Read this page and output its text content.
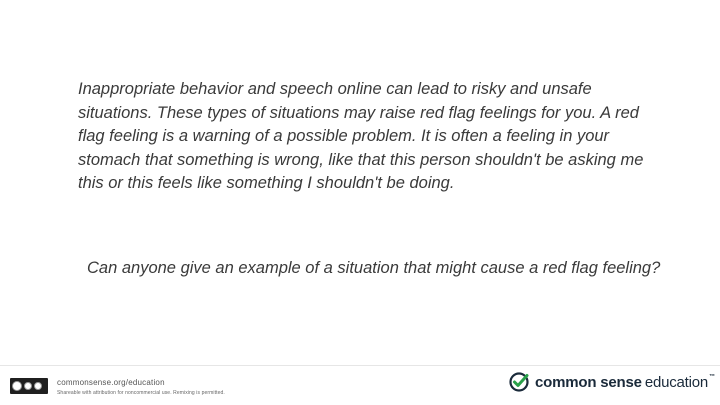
Inappropriate behavior and speech online can lead to risky and unsafe situations. These types of situations may raise red flag feelings for you. A red flag feeling is a warning of a possible problem. It is often a feeling in your stomach that something is wrong, like that this person shouldn't be asking me this or this feels like something I shouldn't be doing.

Can anyone give an example of a situation that might cause a red flag feeling?

commonsense.org/education
Shareable with attribution for noncommercial use. Remixing is permitted.
common sense education™
